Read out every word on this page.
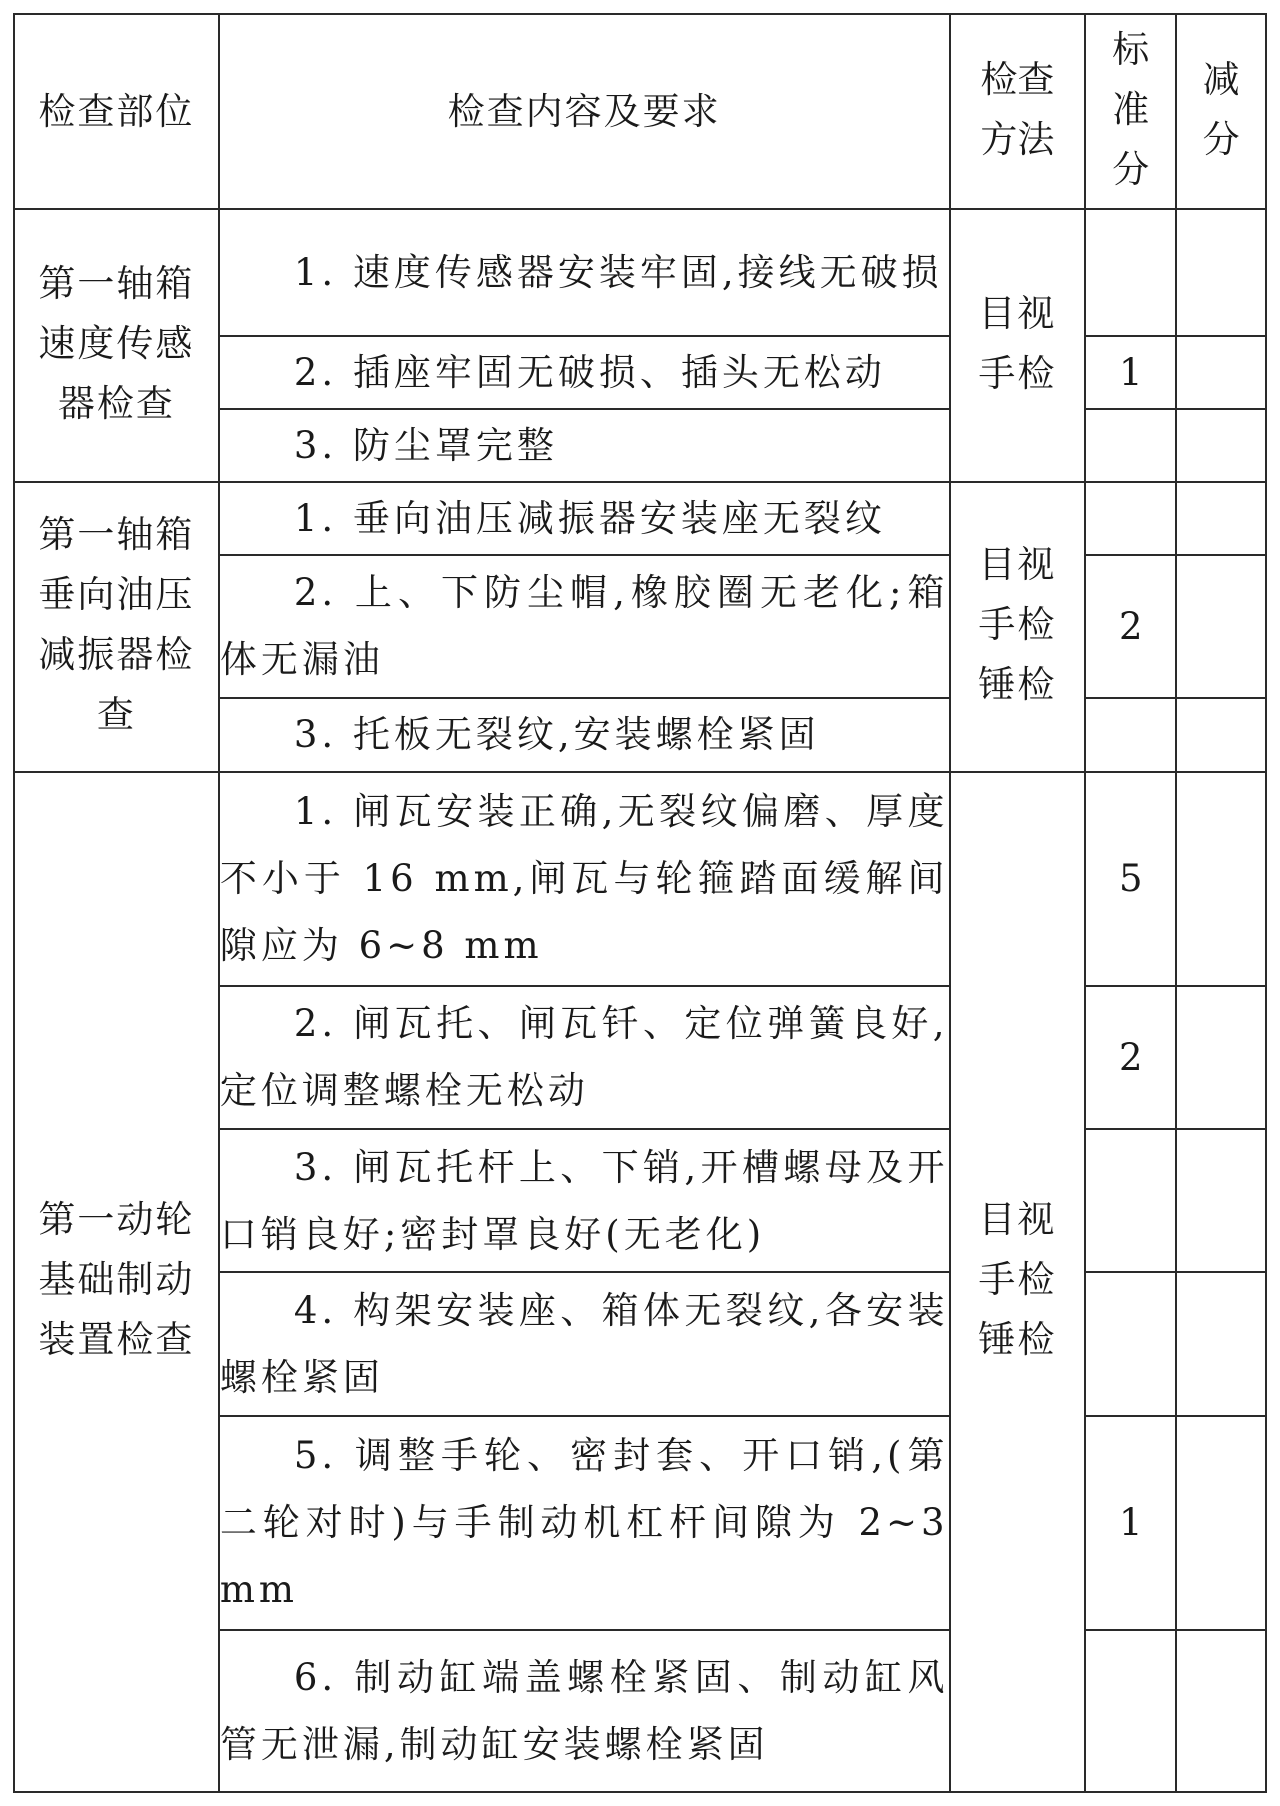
检查部位	检查内容及要求	检查方法	标准分	减分
第一轴箱速度传感器检查	1. 速度传感器安装牢固,接线无破损	目视手检		

	2. 插座牢固无破损、插头无松动		1	

	3. 防尘罩完整			

第一轴箱垂向油压减振器检查	1. 垂向油压减振器安装座无裂纹	目视手检锤检		

	2. 上、下防尘帽,橡胶圈无老化;箱体无漏油		2	

	3. 托板无裂纹,安装螺栓紧固			

第一动轮基础制动装置检查	1. 闸瓦安装正确,无裂纹偏磨、厚度不小于 16 mm,闸瓦与轮箍踏面缓解间隙应为 6~8 mm	目视手检锤检	5	

	2. 闸瓦托、闸瓦钎、定位弹簧良好,定位调整螺栓无松动		2	

	3. 闸瓦托杆上、下销,开槽螺母及开口销良好;密封罩良好(无老化)			

	4. 构架安装座、箱体无裂纹,各安装螺栓紧固			

	5. 调整手轮、密封套、开口销,(第二轮对时)与手制动机杠杆间隙为 2~3 mm		1	

	6. 制动缸端盖螺栓紧固、制动缸风管无泄漏,制动缸安装螺栓紧固			
